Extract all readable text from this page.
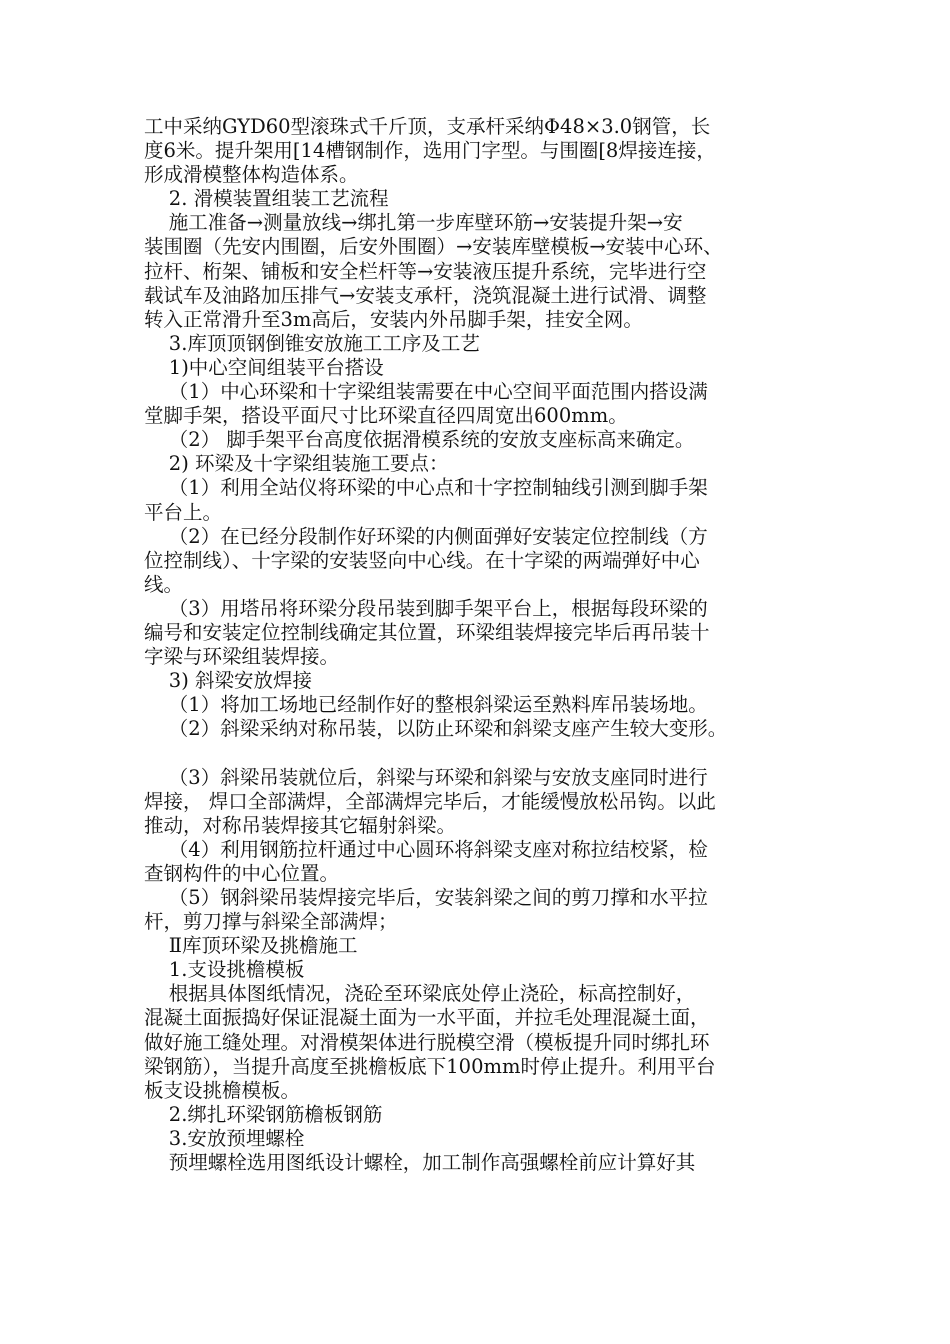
工中采纳GYD60型滚珠式千斤顶，支承杆采纳Φ48×3.0钢管，长
度6米。提升架用[14槽钢制作，选用门字型。与围圈[8焊接连接，
形成滑模整体构造体系。
2. 滑模装置组装工艺流程
施工准备→测量放线→绑扎第一步库壁环筋→安装提升架→安
装围圈（先安内围圈，后安外围圈）→安装库壁模板→安装中心环、
拉杆、桁架、铺板和安全栏杆等→安装液压提升系统，完毕进行空
载试车及油路加压排气→安装支承杆，浇筑混凝土进行试滑、调整
转入正常滑升至3m高后，安装内外吊脚手架，挂安全网。
3.库顶顶钢倒锥安放施工工序及工艺
1)中心空间组装平台搭设
（1）中心环梁和十字梁组装需要在中心空间平面范围内搭设满
堂脚手架，搭设平面尺寸比环梁直径四周宽出600mm。
（2） 脚手架平台高度依据滑模系统的安放支座标高来确定。
2) 环梁及十字梁组装施工要点：
（1）利用全站仪将环梁的中心点和十字控制轴线引测到脚手架
平台上。
（2）在已经分段制作好环梁的内侧面弹好安装定位控制线（方
位控制线）、十字梁的安装竖向中心线。在十字梁的两端弹好中心
线。
（3）用塔吊将环梁分段吊装到脚手架平台上，根据每段环梁的
编号和安装定位控制线确定其位置，环梁组装焊接完毕后再吊装十
字梁与环梁组装焊接。
3) 斜梁安放焊接
（1）将加工场地已经制作好的整根斜梁运至熟料库吊装场地。
（2）斜梁采纳对称吊装，以防止环梁和斜梁支座产生较大变形。
（3）斜梁吊装就位后，斜梁与环梁和斜梁与安放支座同时进行
焊接， 焊口全部满焊，全部满焊完毕后，才能缓慢放松吊钩。以此
推动，对称吊装焊接其它辐射斜梁。
（4）利用钢筋拉杆通过中心圆环将斜梁支座对称拉结校紧，检
查钢构件的中心位置。
（5）钢斜梁吊装焊接完毕后，安装斜梁之间的剪刀撑和水平拉
杆，剪刀撑与斜梁全部满焊；
Ⅱ库顶环梁及挑檐施工
1.支设挑檐模板
根据具体图纸情况，浇砼至环梁底处停止浇砼，标高控制好，
混凝土面振捣好保证混凝土面为一水平面，并拉毛处理混凝土面，
做好施工缝处理。对滑模架体进行脱模空滑（模板提升同时绑扎环
梁钢筋），当提升高度至挑檐板底下100mm时停止提升。利用平台
板支设挑檐模板。
2.绑扎环梁钢筋檐板钢筋
3.安放预埋螺栓
预埋螺栓选用图纸设计螺栓，加工制作高强螺栓前应计算好其
